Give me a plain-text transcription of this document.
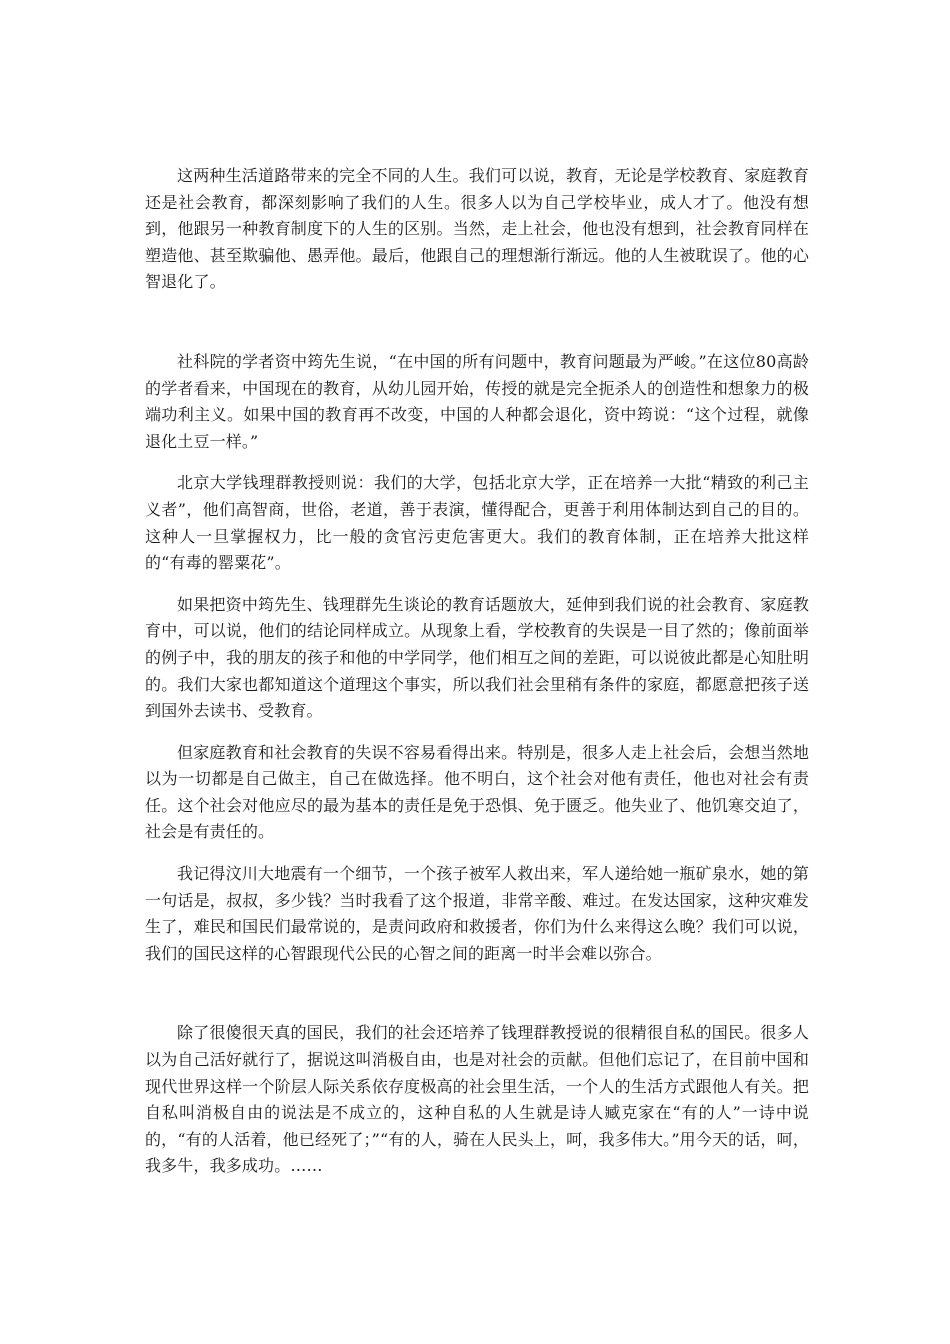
这两种生活道路带来的完全不同的人生。我们可以说，教育，无论是学校教育、家庭教育还是社会教育，都深刻影响了我们的人生。很多人以为自己学校毕业，成人才了。他没有想到，他跟另一种教育制度下的人生的区别。当然，走上社会，他也没有想到，社会教育同样在塑造他、甚至欺骗他、愚弄他。最后，他跟自己的理想渐行渐远。他的人生被耽误了。他的心智退化了。

社科院的学者资中筠先生说，“在中国的所有问题中，教育问题最为严峻。”在这位80高龄的学者看来，中国现在的教育，从幼儿园开始，传授的就是完全扼杀人的创造性和想象力的极端功利主义。如果中国的教育再不改变，中国的人种都会退化，资中筠说：“这个过程，就像退化土豆一样。”

北京大学钱理群教授则说：我们的大学，包括北京大学，正在培养一大批“精致的利己主义者”，他们高智商，世俗，老道，善于表演，懂得配合，更善于利用体制达到自己的目的。这种人一旦掌握权力，比一般的贪官污吏危害更大。我们的教育体制，正在培养大批这样的“有毒的罂粟花”。

如果把资中筠先生、钱理群先生谈论的教育话题放大，延伸到我们说的社会教育、家庭教育中，可以说，他们的结论同样成立。从现象上看，学校教育的失误是一目了然的；像前面举的例子中，我的朋友的孩子和他的中学同学，他们相互之间的差距，可以说彼此都是心知肚明的。我们大家也都知道这个道理这个事实，所以我们社会里稍有条件的家庭，都愿意把孩子送到国外去读书、受教育。

但家庭教育和社会教育的失误不容易看得出来。特别是，很多人走上社会后，会想当然地以为一切都是自己做主，自己在做选择。他不明白，这个社会对他有责任，他也对社会有责任。这个社会对他应尽的最为基本的责任是免于恐惧、免于匮乏。他失业了、他饥寒交迫了，社会是有责任的。

我记得汶川大地震有一个细节，一个孩子被军人救出来，军人递给她一瓶矿泉水，她的第一句话是，叔叔，多少钱？当时我看了这个报道，非常辛酸、难过。在发达国家，这种灾难发生了，难民和国民们最常说的，是责问政府和救援者，你们为什么来得这么晚？我们可以说，我们的国民这样的心智跟现代公民的心智之间的距离一时半会难以弥合。

除了很傻很天真的国民，我们的社会还培养了钱理群教授说的很精很自私的国民。很多人以为自己活好就行了，据说这叫消极自由，也是对社会的贡献。但他们忘记了，在目前中国和现代世界这样一个阶层人际关系依存度极高的社会里生活，一个人的生活方式跟他人有关。把自私叫消极自由的说法是不成立的，这种自私的人生就是诗人臧克家在“有的人”一诗中说的，“有的人活着，他已经死了；”“有的人，骑在人民头上，呵，我多伟大。”用今天的话，呵，我多牛，我多成功。……
